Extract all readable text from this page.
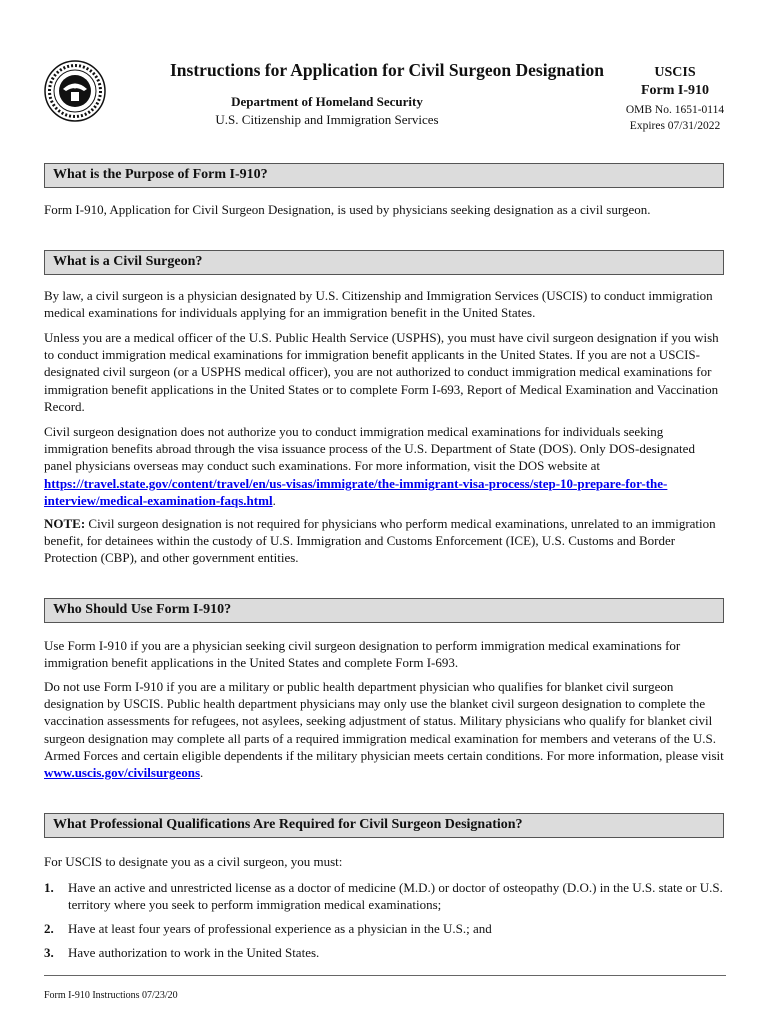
Instructions for Application for Civil Surgeon Designation
Department of Homeland Security
U.S. Citizenship and Immigration Services
USCIS
Form I-910
OMB No. 1651-0114
Expires 07/31/2022
What is the Purpose of Form I-910?

Form I-910, Application for Civil Surgeon Designation, is used by physicians seeking designation as a civil surgeon.

What is a Civil Surgeon?

By law, a civil surgeon is a physician designated by U.S. Citizenship and Immigration Services (USCIS) to conduct immigration medical examinations for individuals applying for an immigration benefit in the United States.

Unless you are a medical officer of the U.S. Public Health Service (USPHS), you must have civil surgeon designation if you wish to conduct immigration medical examinations for immigration benefit applicants in the United States. If you are not a USCIS-designated civil surgeon (or a USPHS medical officer), you are not authorized to conduct immigration medical examinations for immigration benefit applications in the United States or to complete Form I-693, Report of Medical Examination and Vaccination Record.

Civil surgeon designation does not authorize you to conduct immigration medical examinations for individuals seeking immigration benefits abroad through the visa issuance process of the U.S. Department of State (DOS). Only DOS-designated panel physicians overseas may conduct such examinations. For more information, visit the DOS website at https://travel.state.gov/content/travel/en/us-visas/immigrate/the-immigrant-visa-process/step-10-prepare-for-the-interview/medical-examination-faqs.html.

NOTE: Civil surgeon designation is not required for physicians who perform medical examinations, unrelated to an immigration benefit, for detainees within the custody of U.S. Immigration and Customs Enforcement (ICE), U.S. Customs and Border Protection (CBP), and other government entities.

Who Should Use Form I-910?

Use Form I-910 if you are a physician seeking civil surgeon designation to perform immigration medical examinations for immigration benefit applications in the United States and complete Form I-693.

Do not use Form I-910 if you are a military or public health department physician who qualifies for blanket civil surgeon designation by USCIS. Public health department physicians may only use the blanket civil surgeon designation to complete the vaccination assessments for refugees, not asylees, seeking adjustment of status. Military physicians who qualify for blanket civil surgeon designation may complete all parts of a required immigration medical examination for members and veterans of the U.S. Armed Forces and certain eligible dependents if the military physician meets certain conditions. For more information, please visit www.uscis.gov/civilsurgeons.

What Professional Qualifications Are Required for Civil Surgeon Designation?

For USCIS to designate you as a civil surgeon, you must:

1. Have an active and unrestricted license as a doctor of medicine (M.D.) or doctor of osteopathy (D.O.) in the U.S. state or U.S. territory where you seek to perform immigration medical examinations;

2. Have at least four years of professional experience as a physician in the U.S.; and

3. Have authorization to work in the United States.

Form I-910 Instructions 07/23/20
